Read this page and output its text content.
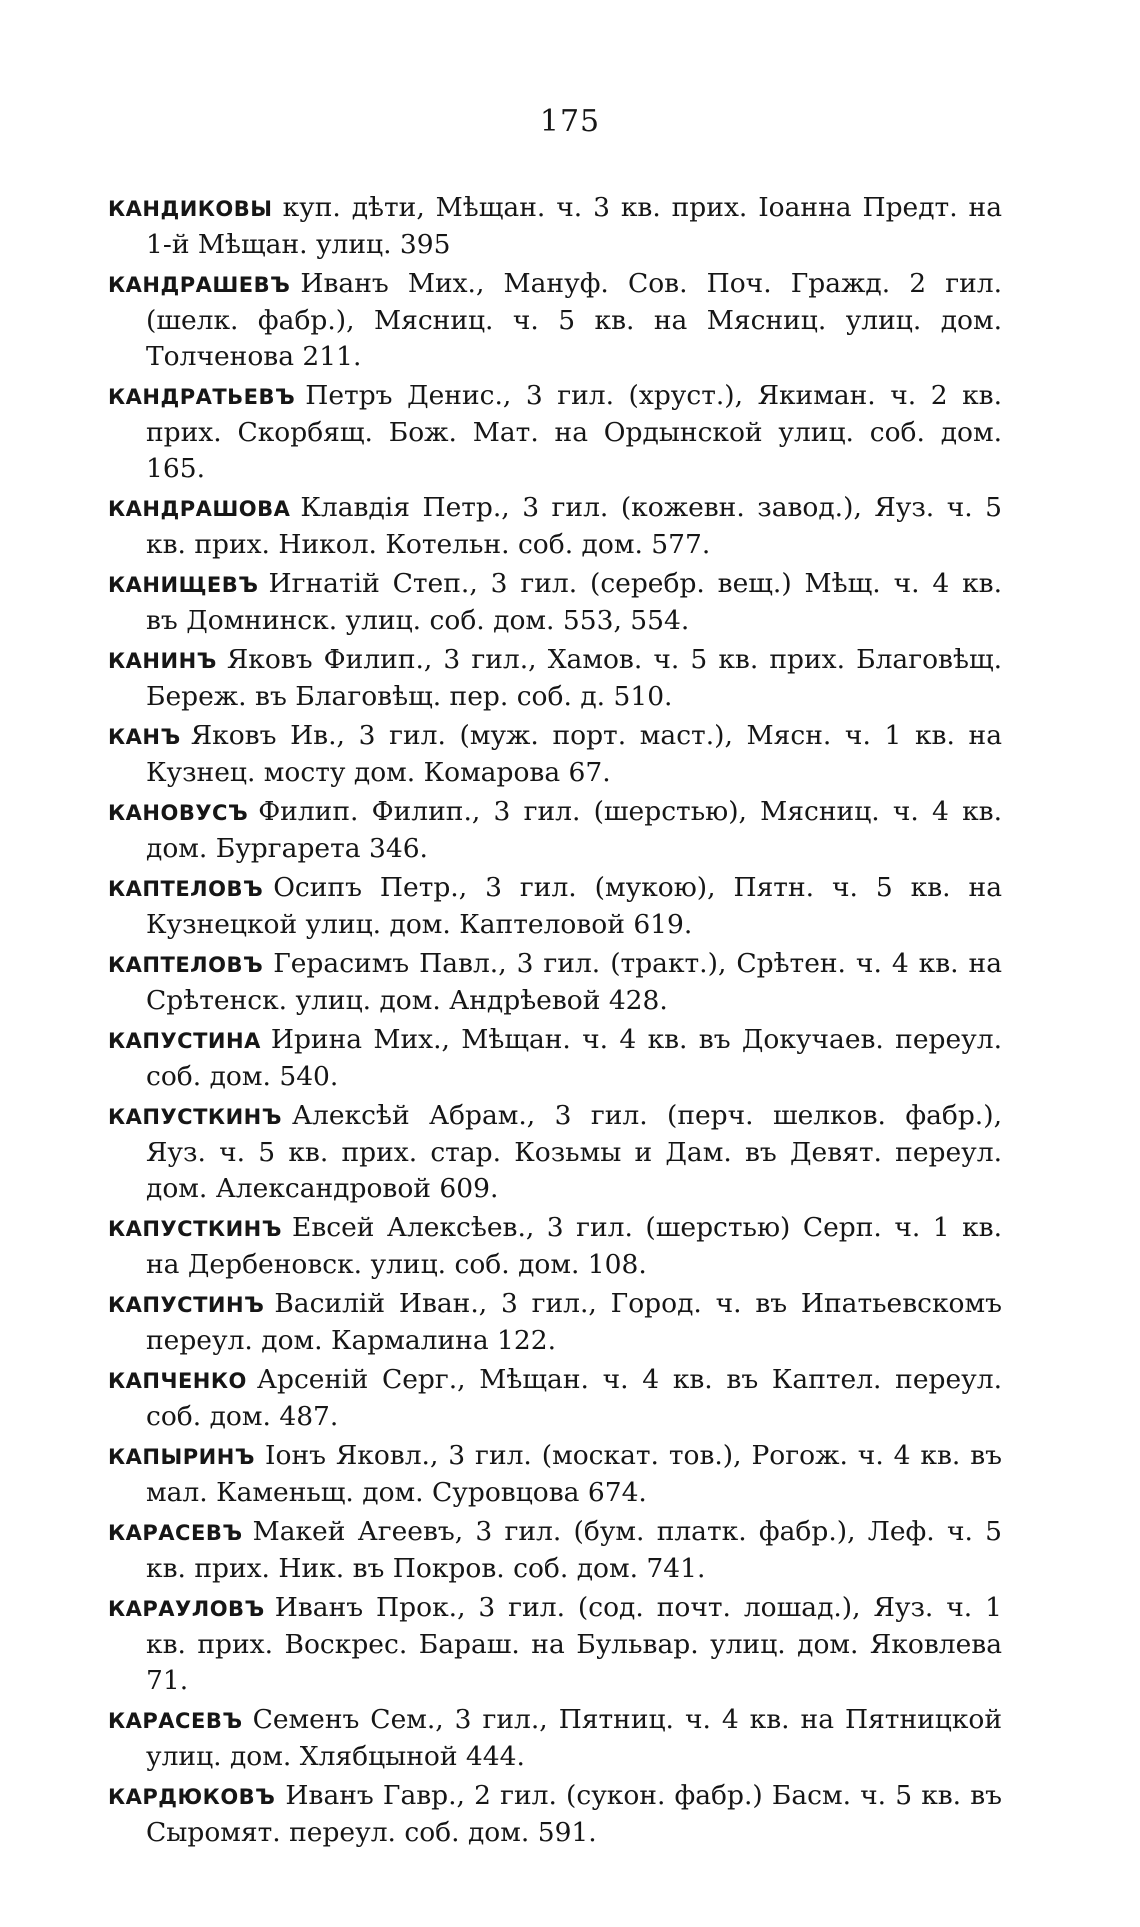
175
КАНДИКОВЫ куп. дѣти, Мѣщан. ч. 3 кв. прих. Іоанна Предт. на 1-й Мѣщан. улиц. 395
КАНДРАШЕВЪ Иванъ Мих., Мануф. Сов. Поч. Гражд. 2 гил. (шелк. фабр.), Мясниц. ч. 5 кв. на Мясниц. улиц. дом. Толченова 211.
КАНДРАТЬЕВЪ Петръ Денис., 3 гил. (хруст.), Якиман. ч. 2 кв. прих. Скорбящ. Бож. Мат. на Ордынской улиц. соб. дом. 165.
КАНДРАШОВА Клавдія Петр., 3 гил. (кожевн. завод.), Яуз. ч. 5 кв. прих. Никол. Котельн. соб. дом. 577.
КАНИЩЕВЪ Игнатій Степ., 3 гил. (серебр. вещ.) Мѣщ. ч. 4 кв. въ Домнинск. улиц. соб. дом. 553, 554.
КАНИНЪ Яковъ Филип., 3 гил., Хамов. ч. 5 кв. прих. Благовѣщ. Береж. въ Благовѣщ. пер. соб. д. 510.
КАНЪ Яковъ Ив., 3 гил. (муж. порт. маст.), Мясн. ч. 1 кв. на Кузнец. мосту дом. Комарова 67.
КАНОВУСЪ Филип. Филип., 3 гил. (шерстью), Мясниц. ч. 4 кв. дом. Бургарета 346.
КАПТЕЛОВЪ Осипъ Петр., 3 гил. (мукою), Пятн. ч. 5 кв. на Кузнецкой улиц. дом. Каптеловой 619.
КАПТЕЛОВЪ Герасимъ Павл., 3 гил. (тракт.), Срѣтен. ч. 4 кв. на Срѣтенск. улиц. дом. Андрѣевой 428.
КАПУСТИНА Ирина Мих., Мѣщан. ч. 4 кв. въ Докучаев. переул. соб. дом. 540.
КАПУСТКИНЪ Алексѣй Абрам., 3 гил. (перч. шелков. фабр.), Яуз. ч. 5 кв. прих. стар. Козьмы и Дам. въ Девят. переул. дом. Александровой 609.
КАПУСТКИНЪ Евсей Алексѣев., 3 гил. (шерстью) Серп. ч. 1 кв. на Дербеновск. улиц. соб. дом. 108.
КАПУСТИНЪ Василій Иван., 3 гил., Город. ч. въ Ипатьевскомъ переул. дом. Кармалина 122.
КАПЧЕНКО Арсеній Серг., Мѣщан. ч. 4 кв. въ Каптел. переул. соб. дом. 487.
КАПЫРИНЪ Іонъ Яковл., 3 гил. (москат. тов.), Рогож. ч. 4 кв. въ мал. Каменьщ. дом. Суровцова 674.
КАРАСЕВЪ Макей Агеевъ, 3 гил. (бум. платк. фабр.), Леф. ч. 5 кв. прих. Ник. въ Покров. соб. дом. 741.
КАРАУЛОВЪ Иванъ Прок., 3 гил. (сод. почт. лошад.), Яуз. ч. 1 кв. прих. Воскрес. Бараш. на Бульвар. улиц. дом. Яковлева 71.
КАРАСЕВЪ Семенъ Сем., 3 гил., Пятниц. ч. 4 кв. на Пятницкой улиц. дом. Хлябцыной 444.
КАРДЮКОВЪ Иванъ Гавр., 2 гил. (сукон. фабр.) Басм. ч. 5 кв. въ Сыромят. переул. соб. дом. 591.
